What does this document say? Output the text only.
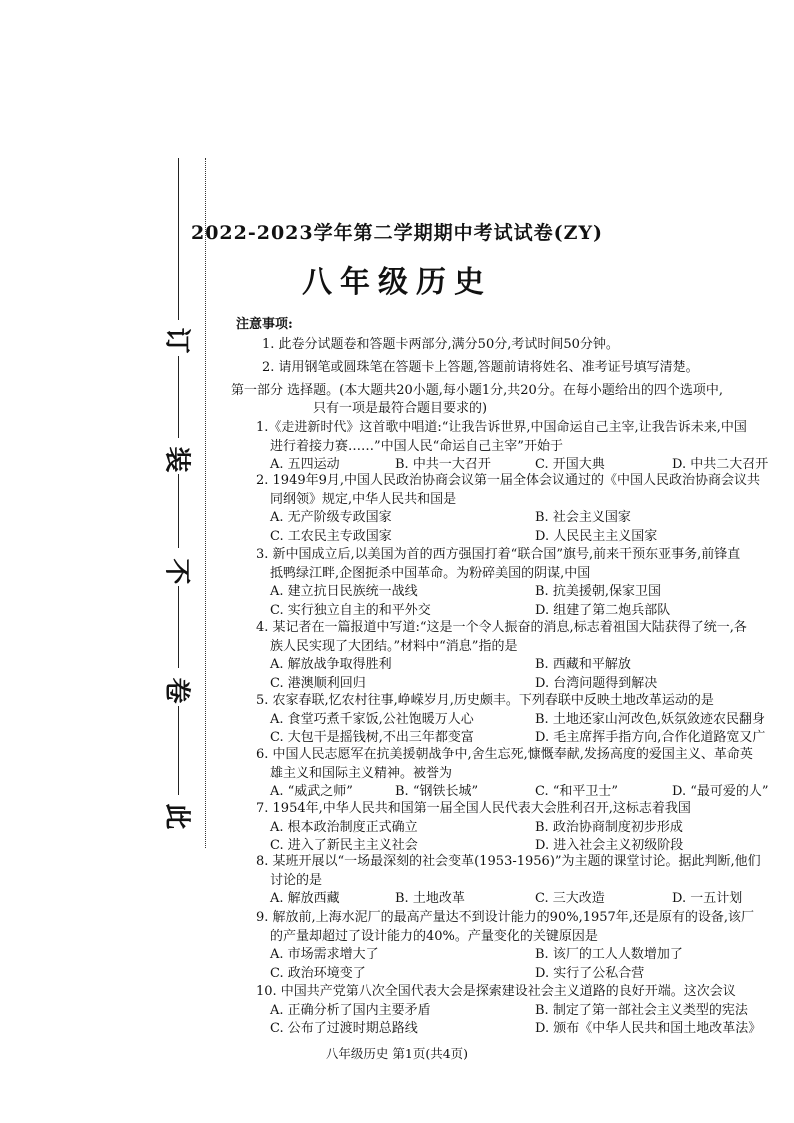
订
装
不
卷
此
2022-2023学年第二学期期中考试试卷(ZY)
八年级历史
注意事项:
1. 此卷分试题卷和答题卡两部分,满分50分,考试时间50分钟。
2. 请用钢笔或圆珠笔在答题卡上答题,答题前请将姓名、准考证号填写清楚。
第一部分 选择题。(本大题共20小题,每小题1分,共20分。在每小题给出的四个选项中,
只有一项是最符合题目要求的)
1.《走进新时代》这首歌中唱道:“让我告诉世界,中国命运自己主宰,让我告诉未来,中国
进行着接力赛……”中国人民“命运自己主宰”开始于
A. 五四运动	B. 中共一大召开	C. 开国大典	D. 中共二大召开
2. 1949年9月,中国人民政治协商会议第一届全体会议通过的《中国人民政治协商会议共
同纲领》规定,中华人民共和国是
A. 无产阶级专政国家	B. 社会主义国家
C. 工农民主专政国家	D. 人民民主主义国家
3. 新中国成立后,以美国为首的西方强国打着“联合国”旗号,前来干预东亚事务,前锋直
抵鸭绿江畔,企图扼杀中国革命。为粉碎美国的阴谋,中国
A. 建立抗日民族统一战线	B. 抗美援朝,保家卫国
C. 实行独立自主的和平外交	D. 组建了第二炮兵部队
4. 某记者在一篇报道中写道:“这是一个令人振奋的消息,标志着祖国大陆获得了统一,各
族人民实现了大团结。”材料中“消息”指的是
A. 解放战争取得胜利	B. 西藏和平解放
C. 港澳顺利回归	D. 台湾问题得到解决
5. 农家春联,忆农村往事,峥嵘岁月,历史颇丰。下列春联中反映土地改革运动的是
A. 食堂巧煮千家饭,公社饱暖万人心	B. 土地还家山河改色,妖氛敛迹农民翻身
C. 大包干是摇钱树,不出三年都变富	D. 毛主席挥手指方向,合作化道路宽又广
6. 中国人民志愿军在抗美援朝战争中,舍生忘死,慷慨奉献,发扬高度的爱国主义、革命英
雄主义和国际主义精神。被誉为
A. “威武之师”	B. “钢铁长城”	C. “和平卫士”	D. “最可爱的人”
7. 1954年,中华人民共和国第一届全国人民代表大会胜利召开,这标志着我国
A. 根本政治制度正式确立	B. 政治协商制度初步形成
C. 进入了新民主主义社会	D. 进入社会主义初级阶段
8. 某班开展以“一场最深刻的社会变革(1953-1956)”为主题的课堂讨论。据此判断,他们
讨论的是
A. 解放西藏	B. 土地改革	C. 三大改造	D. 一五计划
9. 解放前,上海水泥厂的最高产量达不到设计能力的90%,1957年,还是原有的设备,该厂
的产量却超过了设计能力的40%。产量变化的关键原因是
A. 市场需求增大了	B. 该厂的工人人数增加了
C. 政治环境变了	D. 实行了公私合营
10. 中国共产党第八次全国代表大会是探索建设社会主义道路的良好开端。这次会议
A. 正确分析了国内主要矛盾	B. 制定了第一部社会主义类型的宪法
C. 公布了过渡时期总路线	D. 颁布《中华人民共和国土地改革法》
八年级历史 第1页(共4页)
